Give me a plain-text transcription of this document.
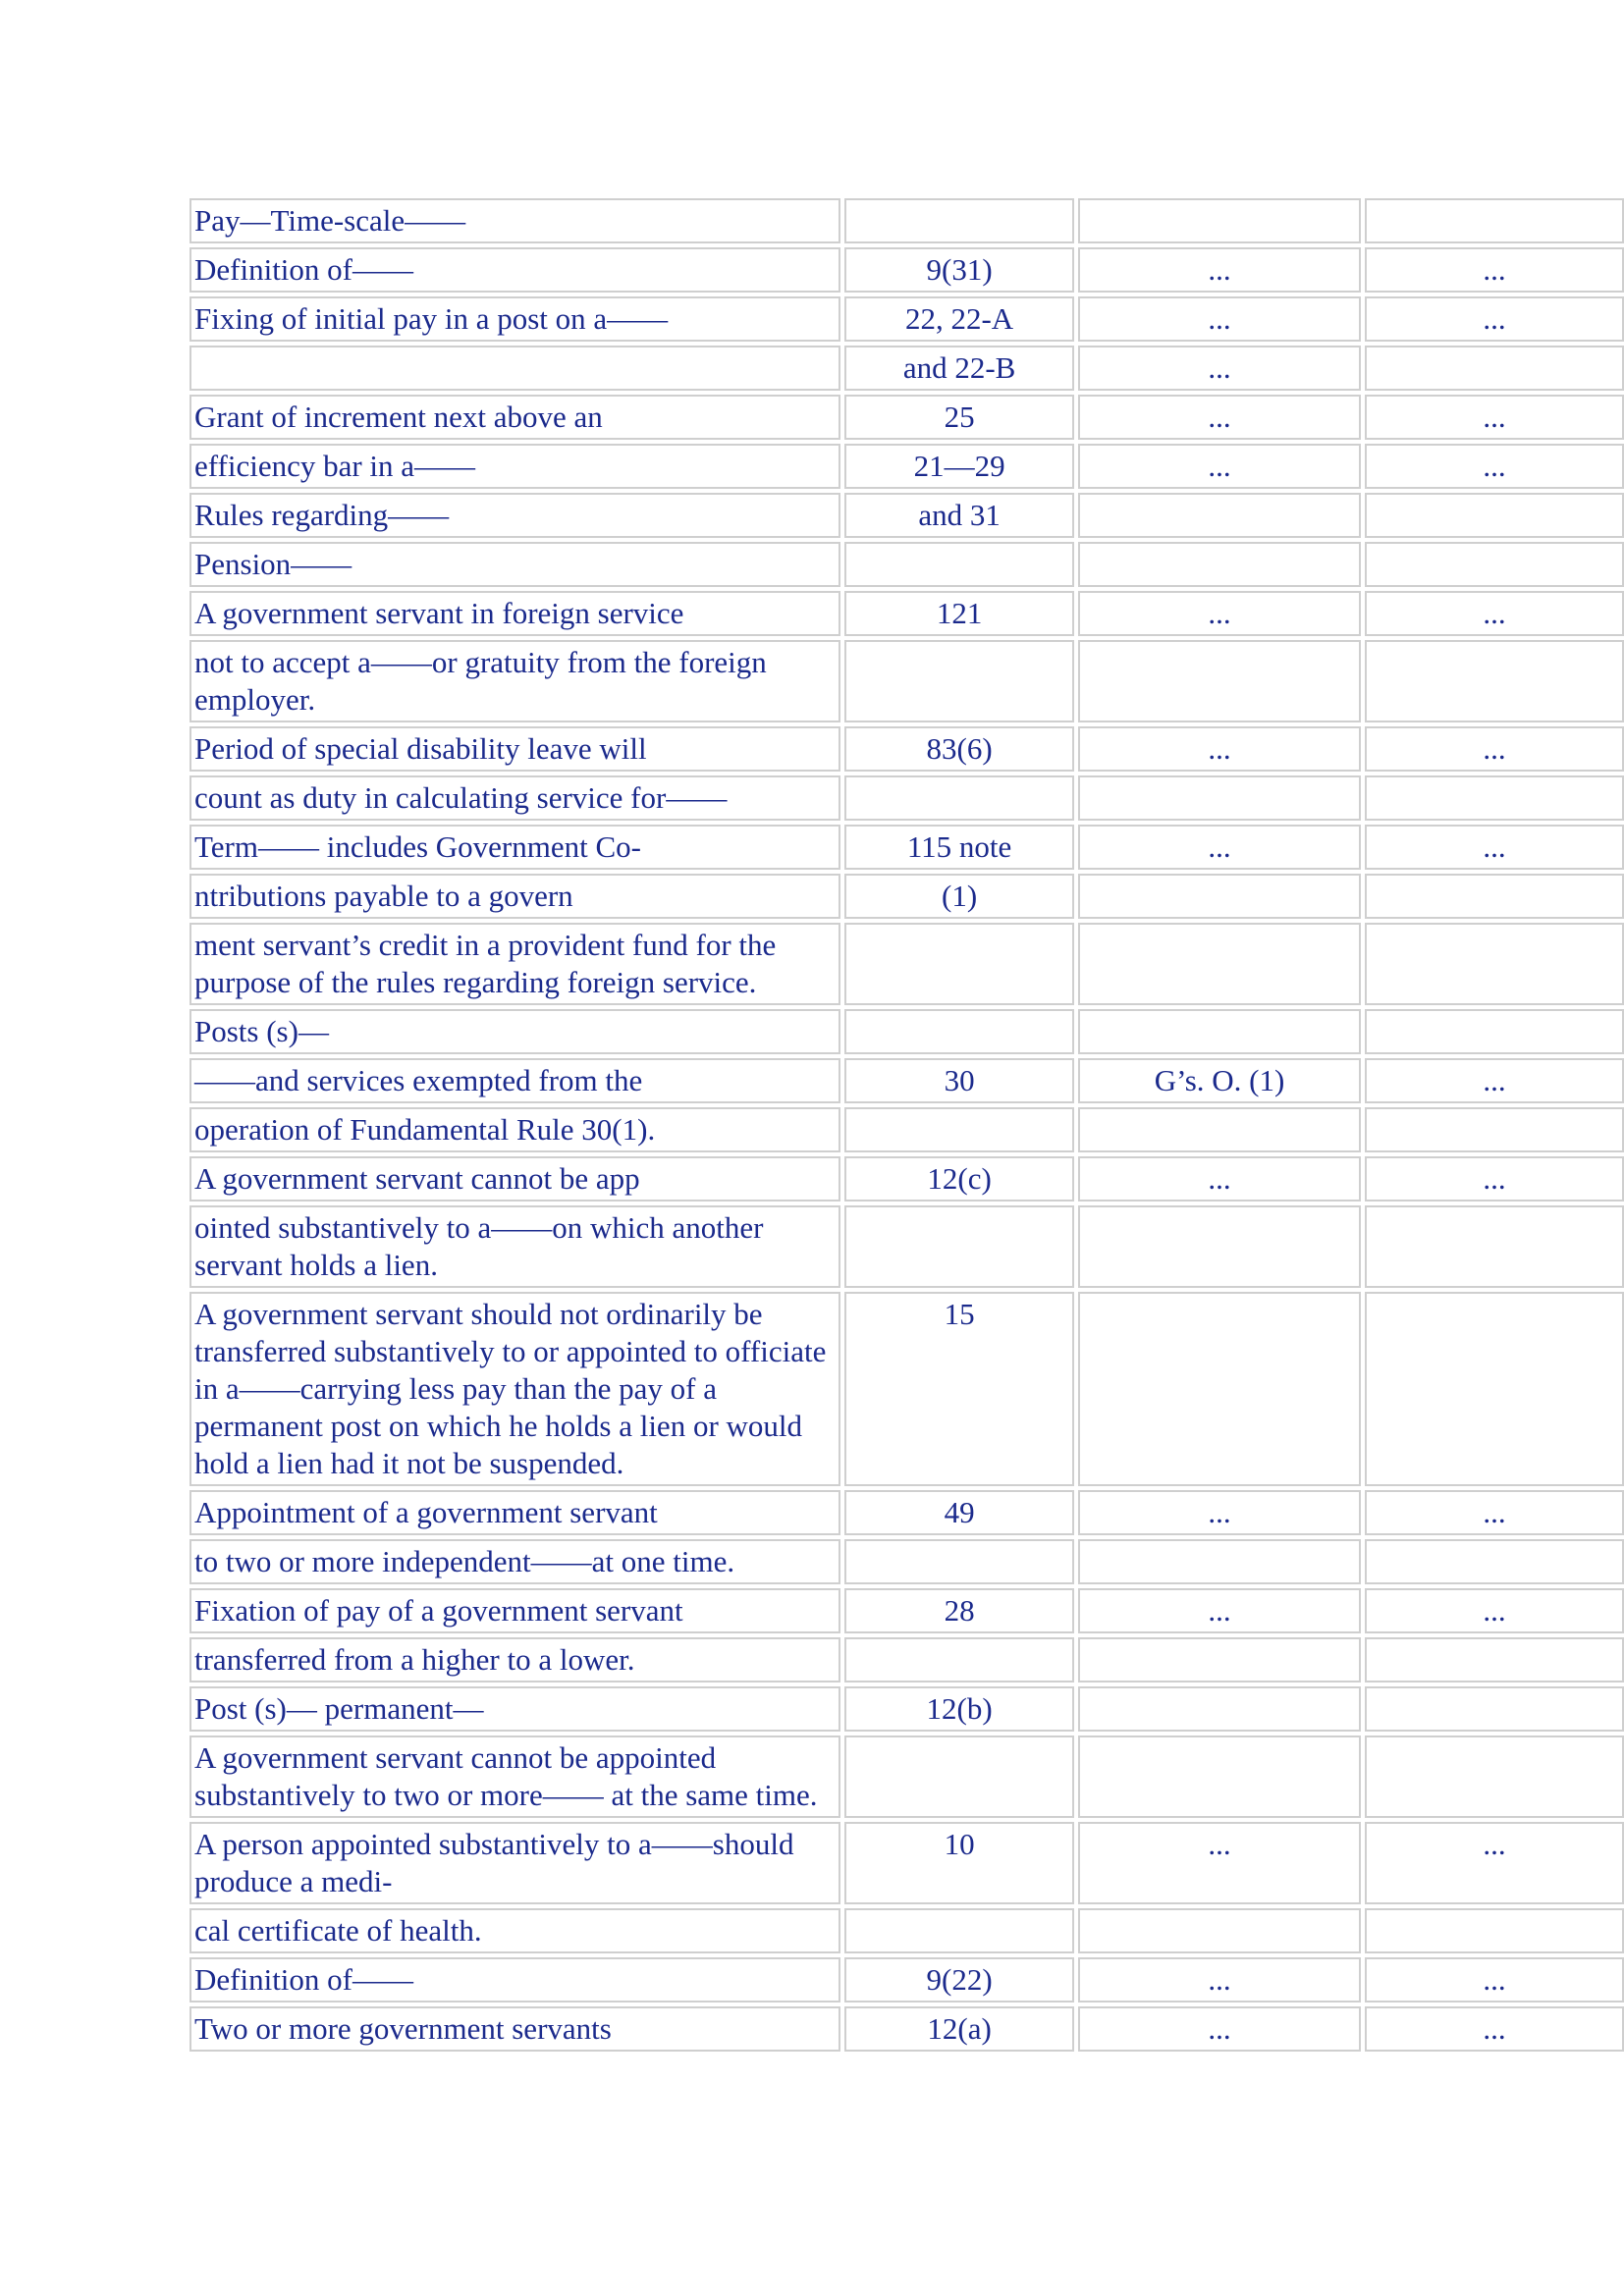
Pay—Time-scale——			
Definition of——	9(31)	...	...
Fixing of initial pay in a post on a——	22, 22-A	...	...
	and 22-B	...	
Grant of increment next above an	25	...	...
efficiency bar in a——	21—29	...	...
Rules regarding——	and 31		
Pension——			
A government servant in foreign service	121	...	...
not to accept a——or gratuity from the foreign employer.			
Period of special disability leave will	83(6)	...	...
count as duty in calculating service for——			
Term—— includes Government Co-	115 note	...	...
ntributions payable to a govern	(1)		
ment servant’s credit in a provident fund for the purpose of the rules regarding foreign service.			
Posts (s)—			
——and services exempted from the	30	G’s. O. (1)	...
operation of Fundamental Rule 30(1).			
A government servant cannot be app	12(c)	...	...
ointed substantively to a——on which another servant holds a lien.			
A government servant should not ordinarily be transferred substantively to or appointed to officiate in a——carrying less pay than the pay of a permanent post on which he holds a lien or would hold a lien had it not be suspended.	15		
Appointment of a government servant	49	...	...
to two or more independent——at one time.			
Fixation of pay of a government servant	28	...	...
transferred from a higher to a lower.			
Post (s)— permanent—	12(b)		
A government servant cannot be appointed substantively to two or more—— at the same time.			
A person appointed substantively to a——should produce a medi-	10	...	...
cal certificate of health.			
Definition of——	9(22)	...	...
Two or more government servants	12(a)	...	...
